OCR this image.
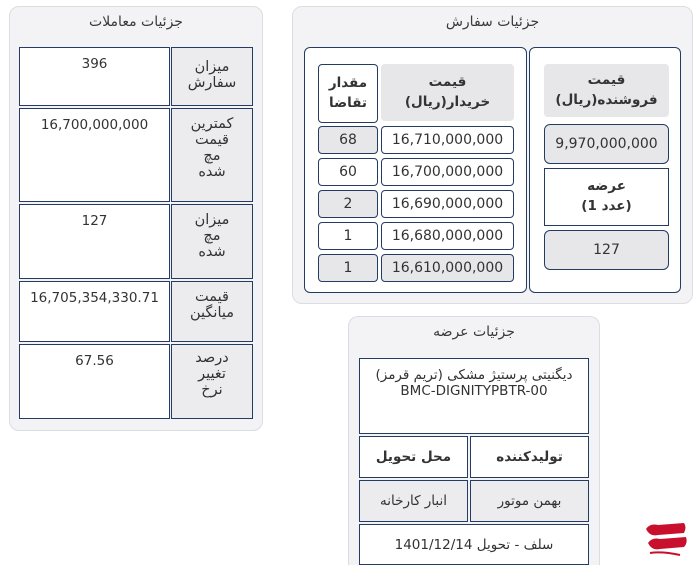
جزئیات معاملات
میزان
سفارش
396
کمترین
قیمت
مچ
شده
16,700,000,000
میزان
مچ
شده
127
قیمت
میانگین
16,705,354,330.71
درصد
تغییر
نرخ
67.56
جزئیات سفارش
قیمت
فروشنده(ریال)
9,970,000,000
عرضه
(1 عدد)
127
قیمت
خریدار(ریال)
مقدار
تقاضا
16,710,000,000
68
16,700,000,000
60
16,690,000,000
2
16,680,000,000
1
16,610,000,000
1
جزئیات عرضه
دیگنیتی پرستیژ مشکی (تریم قرمز) BMC-DIGNITYPBTR-00
تولیدکننده
محل تحویل
بهمن موتور
انبار کارخانه
سلف - تحویل 1401/12/14
